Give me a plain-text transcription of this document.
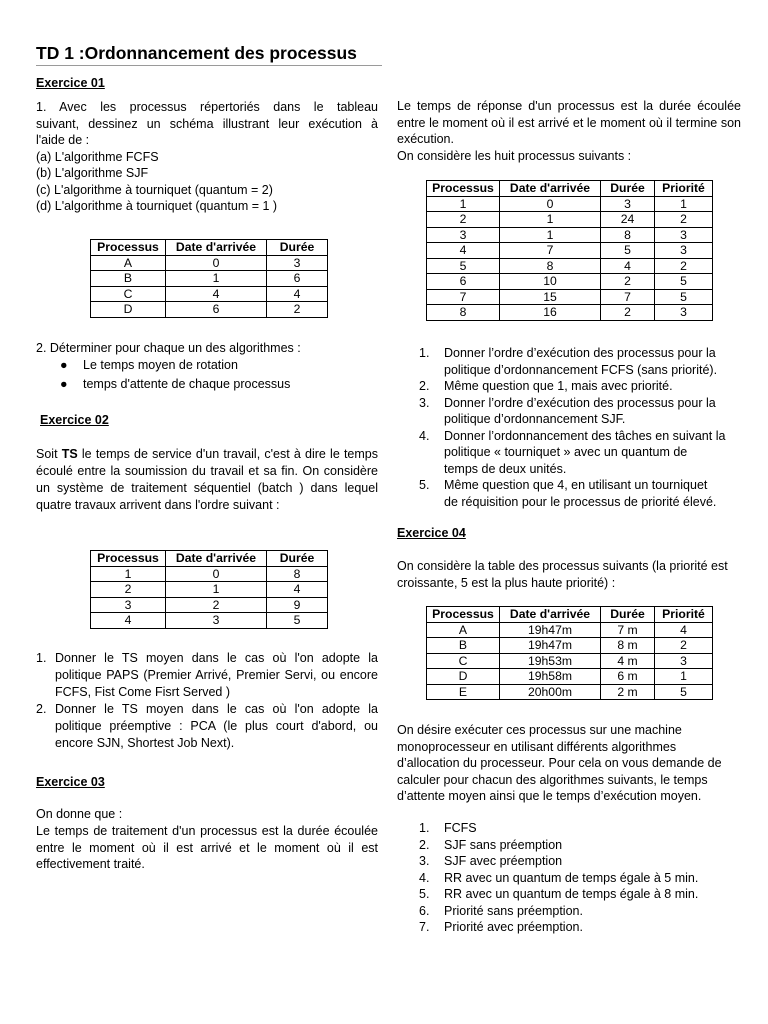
TD 1 :Ordonnancement des processus
Exercice 01
1. Avec les processus répertoriés dans le tableau
suivant, dessinez un schéma illustrant leur exécution à
l'aide de :
(a) L'algorithme FCFS
(b) L'algorithme SJF
(c) L'algorithme à tourniquet (quantum = 2)
(d) L'algorithme à tourniquet (quantum = 1 )
Processus	Date d'arrivée	Durée
A	0	3
B	1	6
C	4	4
D	6	2
2. Déterminer pour chaque un des algorithmes :
● Le temps moyen de rotation
● temps d'attente de chaque processus
Exercice 02
Soit TS le temps de service d'un travail, c'est à dire le temps écoulé entre la soumission du travail et sa fin. On considère un système de traitement séquentiel (batch ) dans lequel quatre travaux arrivent dans l'ordre suivant :
Processus	Date d'arrivée	Durée
1	0	8
2	1	4
3	2	9
4	3	5
1. Donner le TS moyen dans le cas où l'on adopte la politique PAPS (Premier Arrivé, Premier Servi, ou encore FCFS, Fist Come Fisrt Served )
2. Donner le TS moyen dans le cas où l'on adopte la politique préemptive : PCA (le plus court d'abord, ou encore SJN, Shortest Job Next).
Exercice 03
On donne que :
Le temps de traitement d'un processus est la durée écoulée entre le moment où il est arrivé et le moment où il est effectivement traité.
Le temps de réponse d'un processus est la durée écoulée entre le moment où il est arrivé et le moment où il termine son exécution.
On considère les huit processus suivants :
Processus	Date d'arrivée	Durée	Priorité
1	0	3	1
2	1	24	2
3	1	8	3
4	7	5	3
5	8	4	2
6	10	2	5
7	15	7	5
8	16	2	3
1. Donner l’ordre d’exécution des processus pour la
politique d’ordonnancement FCFS (sans priorité).
2. Même question que 1, mais avec priorité.
3. Donner l’ordre d’exécution des processus pour la
politique d’ordonnancement SJF.
4. Donner l’ordonnancement des tâches en suivant la
politique « tourniquet » avec un quantum de
temps de deux unités.
5. Même question que 4, en utilisant un tourniquet
de réquisition pour le processus de priorité élevé.
Exercice 04
On considère la table des processus suivants (la priorité est
croissante, 5 est la plus haute priorité) :
Processus	Date d'arrivée	Durée	Priorité
A	19h47m	7 m	4
B	19h47m	8 m	2
C	19h53m	4 m	3
D	19h58m	6 m	1
E	20h00m	2 m	5
On désire exécuter ces processus sur une machine
monoprocesseur en utilisant différents algorithmes
d’allocation du processeur. Pour cela on vous demande de
calculer pour chacun des algorithmes suivants, le temps
d’attente moyen ainsi que le temps d’exécution moyen.
1. FCFS
2. SJF sans préemption
3. SJF avec préemption
4. RR avec un quantum de temps égale à 5 min.
5. RR avec un quantum de temps égale à 8 min.
6. Priorité sans préemption.
7. Priorité avec préemption.
